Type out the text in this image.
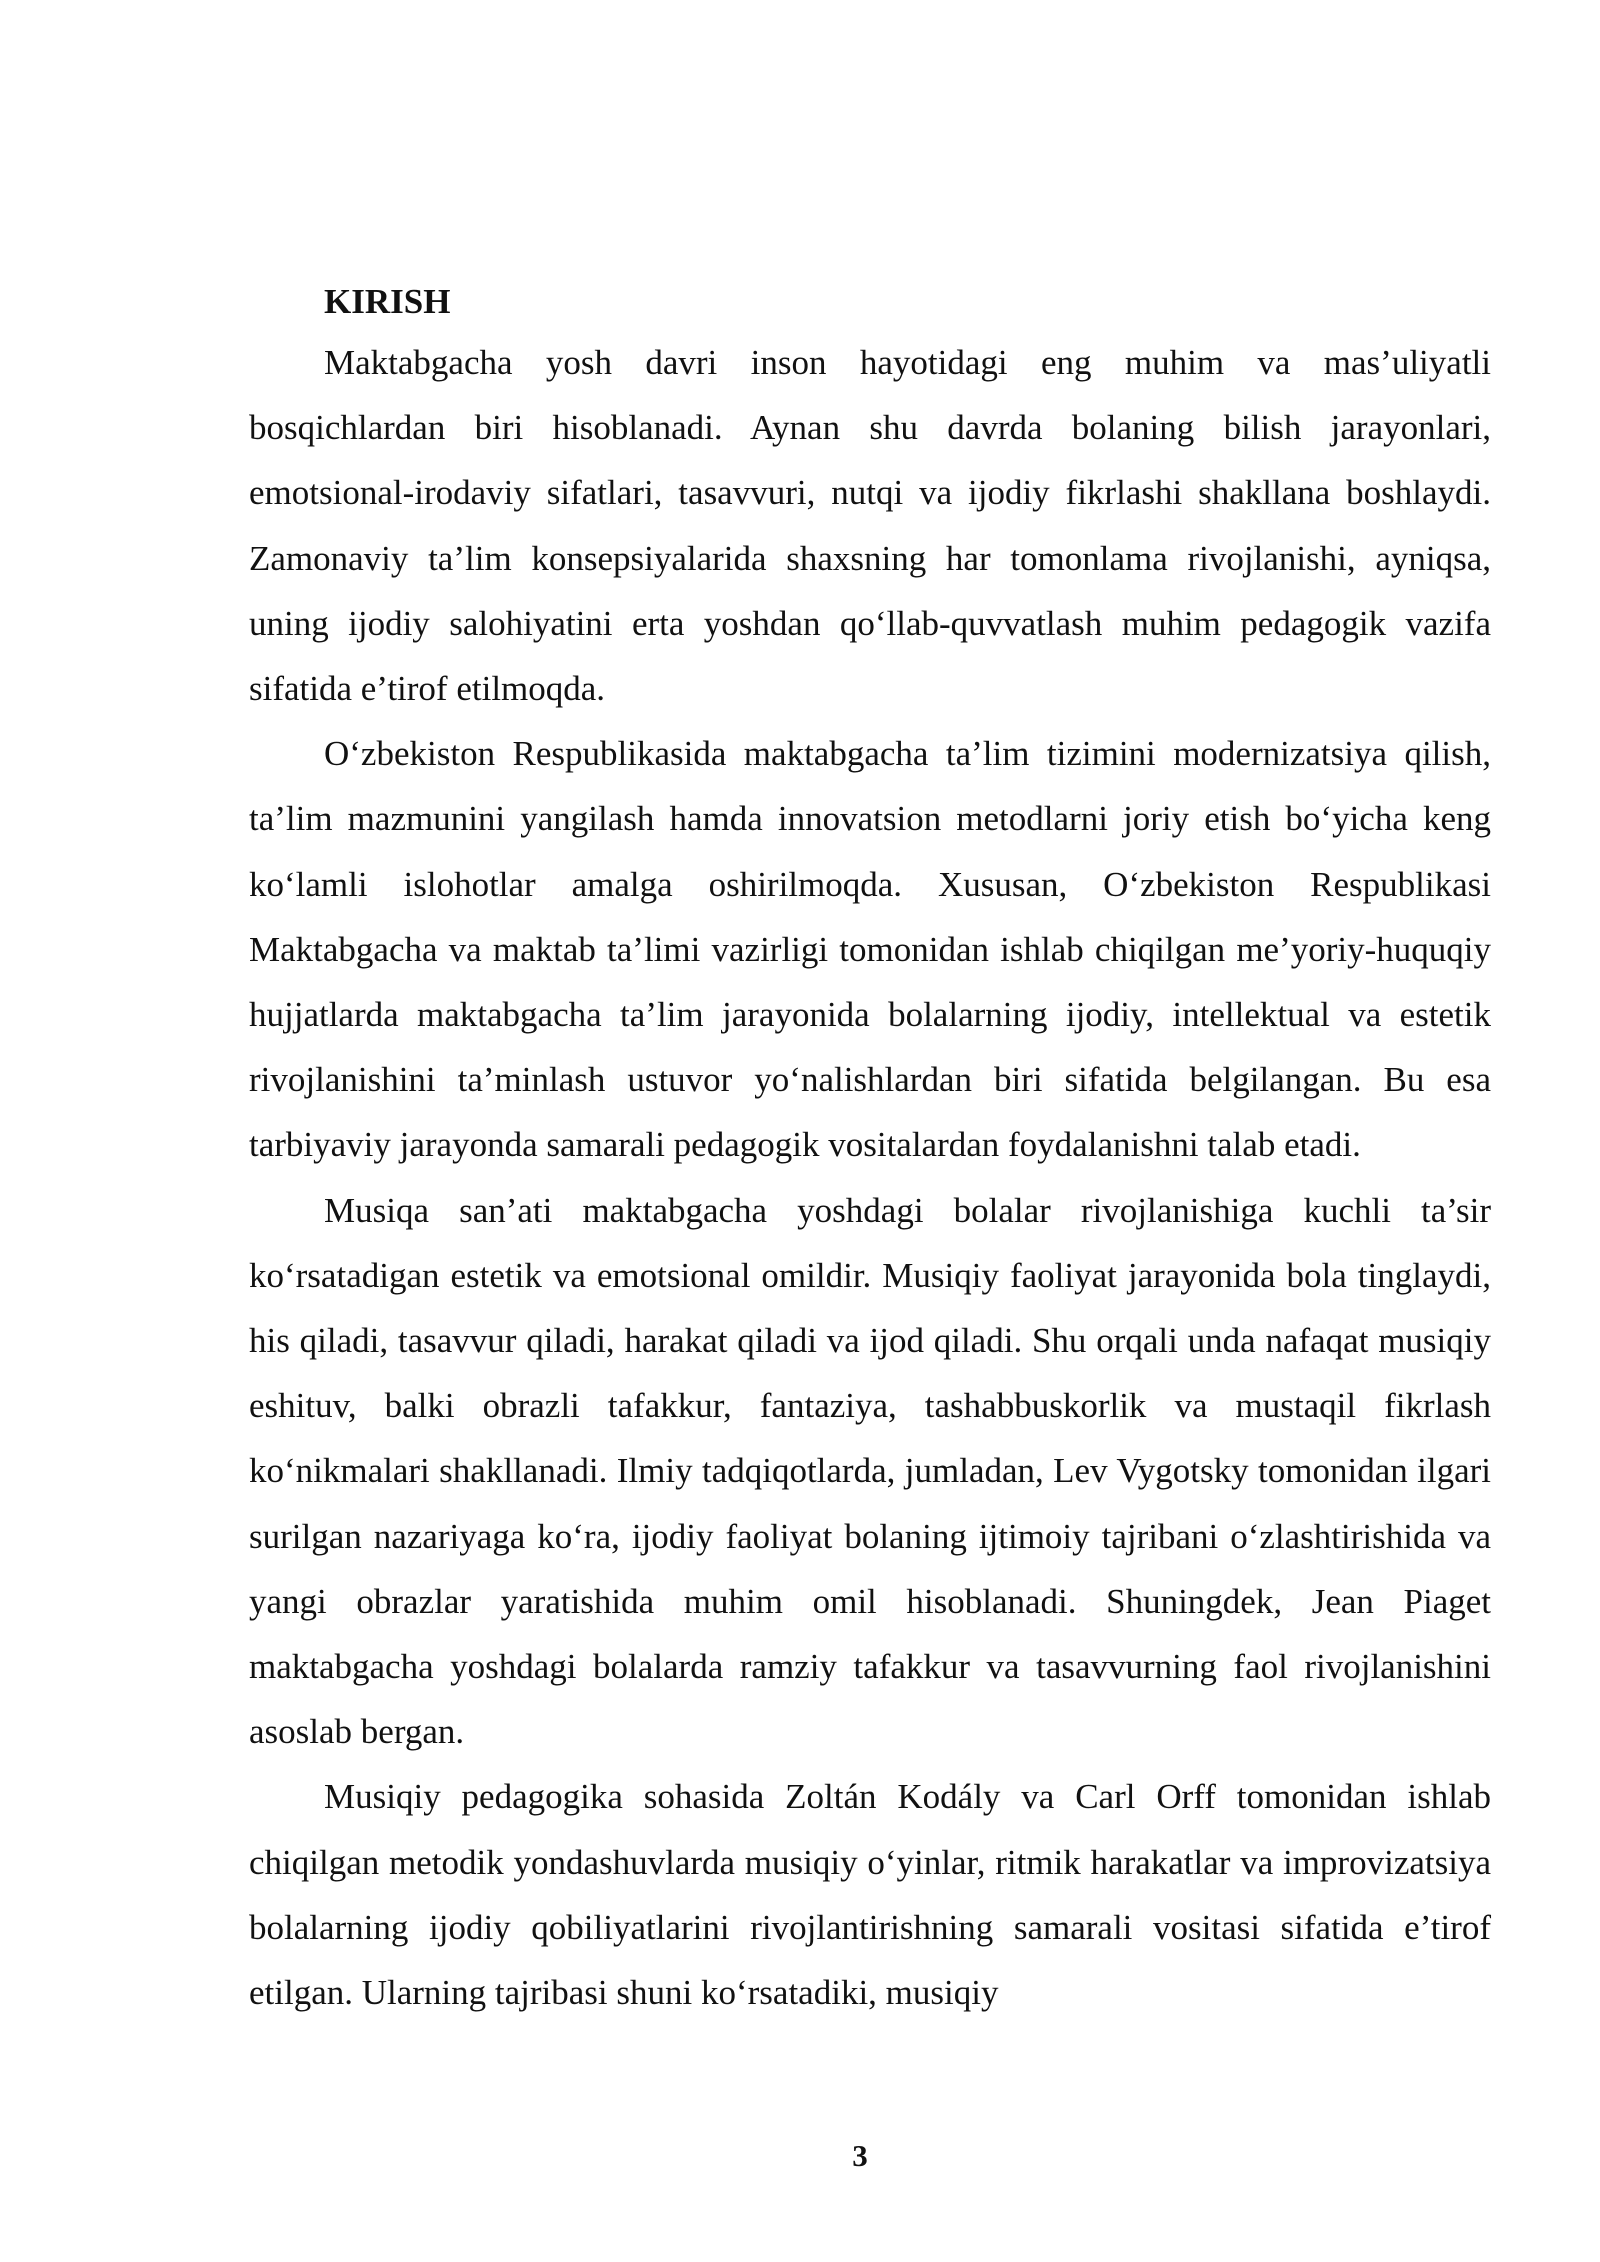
KIRISH

Maktabgacha yosh davri inson hayotidagi eng muhim va mas’uliyatli bosqichlardan biri hisoblanadi. Aynan shu davrda bolaning bilish jarayonlari, emotsional-irodaviy sifatlari, tasavvuri, nutqi va ijodiy fikrlashi shakllana boshlaydi. Zamonaviy ta’lim konsepsiyalarida shaxsning har tomonlama rivojlanishi, ayniqsa, uning ijodiy salohiyatini erta yoshdan qo‘llab-quvvatlash muhim pedagogik vazifa sifatida e’tirof etilmoqda.

O‘zbekiston Respublikasida maktabgacha ta’lim tizimini modernizatsiya qilish, ta’lim mazmunini yangilash hamda innovatsion metodlarni joriy etish bo‘yicha keng ko‘lamli islohotlar amalga oshirilmoqda. Xususan, O‘zbekiston Respublikasi Maktabgacha va maktab ta’limi vazirligi tomonidan ishlab chiqilgan me’yoriy-huquqiy hujjatlarda maktabgacha ta’lim jarayonida bolalarning ijodiy, intellektual va estetik rivojlanishini ta’minlash ustuvor yo‘nalishlardan biri sifatida belgilangan. Bu esa tarbiyaviy jarayonda samarali pedagogik vositalardan foydalanishni talab etadi.

Musiqa san’ati maktabgacha yoshdagi bolalar rivojlanishiga kuchli ta’sir ko‘rsatadigan estetik va emotsional omildir. Musiqiy faoliyat jarayonida bola tinglaydi, his qiladi, tasavvur qiladi, harakat qiladi va ijod qiladi. Shu orqali unda nafaqat musiqiy eshituv, balki obrazli tafakkur, fantaziya, tashabbuskorlik va mustaqil fikrlash ko‘nikmalari shakllanadi. Ilmiy tadqiqotlarda, jumladan, Lev Vygotsky tomonidan ilgari surilgan nazariyaga ko‘ra, ijodiy faoliyat bolaning ijtimoiy tajribani o‘zlashtirishida va yangi obrazlar yaratishida muhim omil hisoblanadi. Shuningdek, Jean Piaget maktabgacha yoshdagi bolalarda ramziy tafakkur va tasavvurning faol rivojlanishini asoslab bergan.

Musiqiy pedagogika sohasida Zoltán Kodály va Carl Orff tomonidan ishlab chiqilgan metodik yondashuvlarda musiqiy o‘yinlar, ritmik harakatlar va improvizatsiya bolalarning ijodiy qobiliyatlarini rivojlantirishning samarali vositasi sifatida e’tirof etilgan. Ularning tajribasi shuni ko‘rsatadiki, musiqiy

3
